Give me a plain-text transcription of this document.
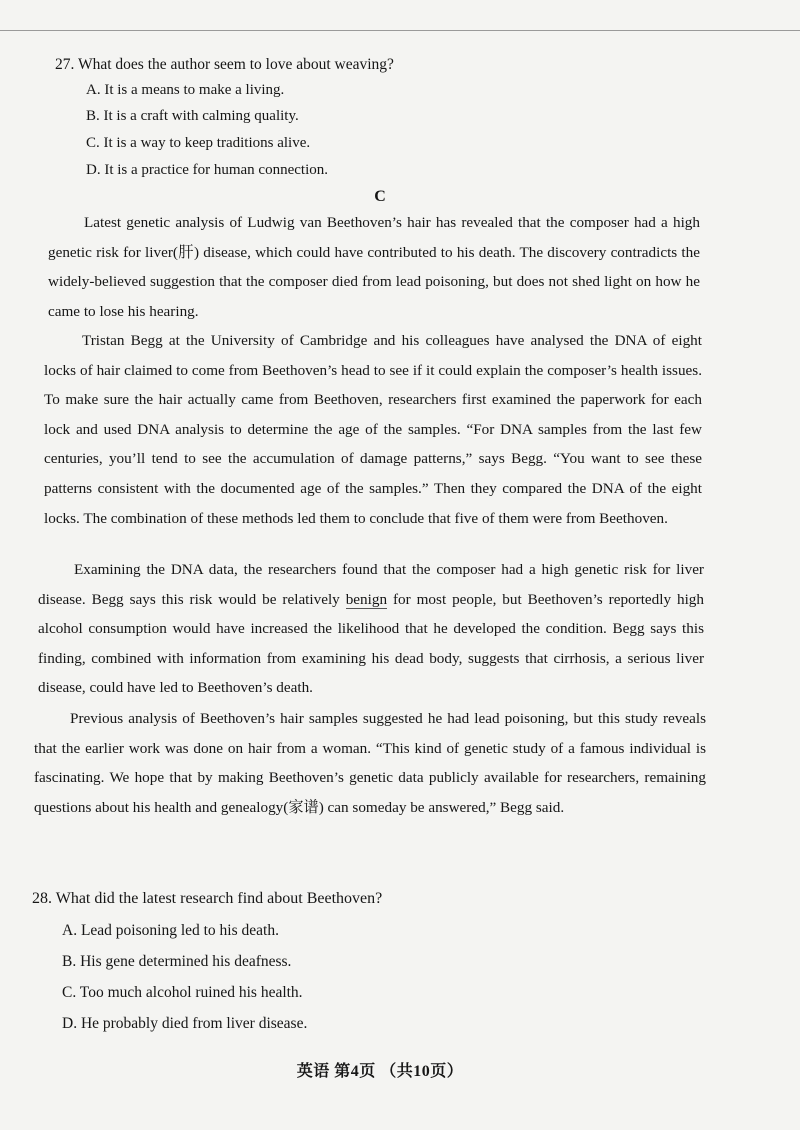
27. What does the author seem to love about weaving?
A. It is a means to make a living.
B. It is a craft with calming quality.
C. It is a way to keep traditions alive.
D. It is a practice for human connection.
C
Latest genetic analysis of Ludwig van Beethoven’s hair has revealed that the composer had a high genetic risk for liver(肝) disease, which could have contributed to his death. The discovery contradicts the widely-believed suggestion that the composer died from lead poisoning, but does not shed light on how he came to lose his hearing.
Tristan Begg at the University of Cambridge and his colleagues have analysed the DNA of eight locks of hair claimed to come from Beethoven’s head to see if it could explain the composer’s health issues. To make sure the hair actually came from Beethoven, researchers first examined the paperwork for each lock and used DNA analysis to determine the age of the samples. “For DNA samples from the last few centuries, you’ll tend to see the accumulation of damage patterns,” says Begg. “You want to see these patterns consistent with the documented age of the samples.” Then they compared the DNA of the eight locks. The combination of these methods led them to conclude that five of them were from Beethoven.
Examining the DNA data, the researchers found that the composer had a high genetic risk for liver disease. Begg says this risk would be relatively benign for most people, but Beethoven’s reportedly high alcohol consumption would have increased the likelihood that he developed the condition. Begg says this finding, combined with information from examining his dead body, suggests that cirrhosis, a serious liver disease, could have led to Beethoven’s death.
Previous analysis of Beethoven’s hair samples suggested he had lead poisoning, but this study reveals that the earlier work was done on hair from a woman. “This kind of genetic study of a famous individual is fascinating. We hope that by making Beethoven’s genetic data publicly available for researchers, remaining questions about his health and genealogy(家谱) can someday be answered,” Begg said.
28. What did the latest research find about Beethoven?
A. Lead poisoning led to his death.
B. His gene determined his deafness.
C. Too much alcohol ruined his health.
D. He probably died from liver disease.
英语 第4页 （共10页）
